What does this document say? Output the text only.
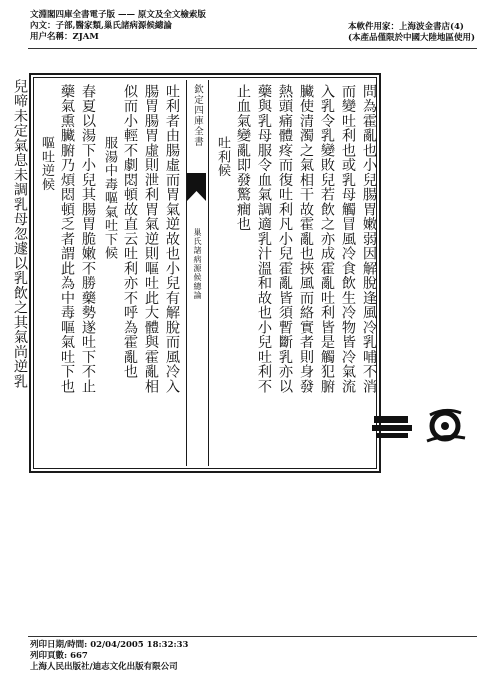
文淵閣四庫全書電子版 —— 原文及全文檢索版
內文：子部,醫家類,巢氏諸病源候總論
用户名稱：ZJAM
本軟件用家：上海波金書店(4)
(本產品僅限於中國大陸地區使用)
問為霍亂也小兒腸胃嫩弱因解脫逢風冷乳哺不消
而變吐利也或乳母觸冒風冷食飲生冷物皆冷氣流
入乳令乳變敗兒若飲之亦成霍亂吐利皆是觸犯腑
臟使清濁之氣相干故霍亂也挾風而絡實者則身發
熱頭痛體疼而復吐利凡小兒霍亂皆須暫斷乳亦以
藥與乳母服令血氣調適乳汁溫和故也小兒吐利不
止血氣變亂即發驚癎也
吐利候
欽定四庫全書
巢氏諸病源候總論
吐利者由腸虛而胃氣逆故也小兒有解脫而風冷入
腸胃腸胃虛則泄利胃氣逆則嘔吐此大體與霍亂相
似而小輕不劇悶頓故直云吐利亦不呼為霍亂也
服湯中毒嘔氣吐下候
春夏以湯下小兒其腸胃脆嫩不勝藥勢遂吐下不止
藥氣熏臟腑乃煩悶頓乏者謂此為中毒嘔氣吐下也
嘔吐逆候
兒啼未定氣息未調乳母忽遽以乳飲之其氣尚逆乳
列印日期/時間: 02/04/2005 18:32:33
列印頁數: 667
上海人民出版社/迪志文化出版有限公司
